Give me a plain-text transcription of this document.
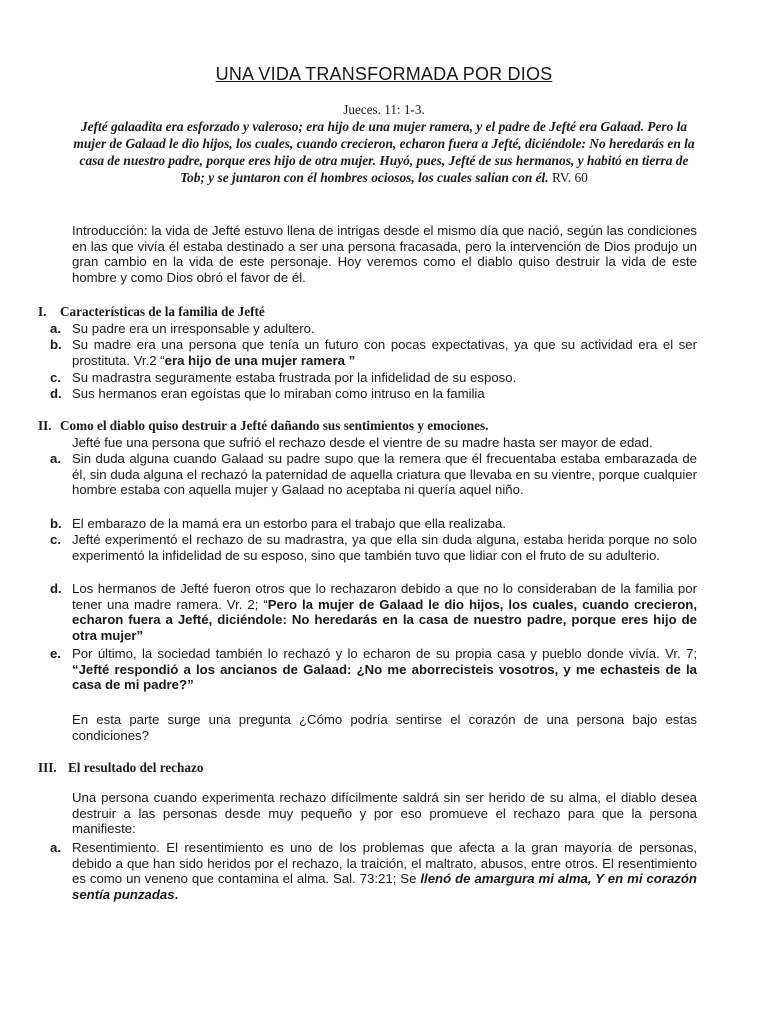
UNA VIDA TRANSFORMADA POR DIOS
Jueces. 11: 1-3.
Jefté galaadita era esforzado y valeroso; era hijo de una mujer ramera, y el padre de Jefté era Galaad. Pero la mujer de Galaad le dio hijos, los cuales, cuando crecieron, echaron fuera a Jefté, diciéndole: No heredarás en la casa de nuestro padre, porque eres hijo de otra mujer. Huyó, pues, Jefté de sus hermanos, y habitó en tierra de Tob; y se juntaron con él hombres ociosos, los cuales salían con él. RV. 60
Introducción: la vida de Jefté estuvo llena de intrigas desde el mismo día que nació, según las condiciones en las que vivía él estaba destinado a ser una persona fracasada, pero la intervención de Dios produjo un gran cambio en la vida de este personaje. Hoy veremos como el diablo quiso destruir la vida de este hombre y como Dios obró el favor de él.
I. Características de la familia de Jefté
a. Su padre era un irresponsable y adultero.
b. Su madre era una persona que tenía un futuro con pocas expectativas, ya que su actividad era el ser prostituta. Vr.2 “era hijo de una mujer ramera ”
c. Su madrastra seguramente estaba frustrada por la infidelidad de su esposo.
d. Sus hermanos eran egoístas que lo miraban como intruso en la familia
II. Como el diablo quiso destruir a Jefté dañando sus sentimientos y emociones.
Jefté fue una persona que sufrió el rechazo desde el vientre de su madre hasta ser mayor de edad.
a. Sin duda alguna cuando Galaad su padre supo que la remera que él frecuentaba estaba embarazada de él, sin duda alguna el rechazó la paternidad de aquella criatura que llevaba en su vientre, porque cualquier hombre estaba con aquella mujer y Galaad no aceptaba ni quería aquel niño.
b. El embarazo de la mamá era un estorbo para el trabajo que ella realizaba.
c. Jefté experimentó el rechazo de su madrastra, ya que ella sin duda alguna, estaba herida porque no solo experimentó la infidelidad de su esposo, sino que también tuvo que lidiar con el fruto de su adulterio.
d. Los hermanos de Jefté fueron otros que lo rechazaron debido a que no lo consideraban de la familia por tener una madre ramera. Vr. 2; “Pero la mujer de Galaad le dio hijos, los cuales, cuando crecieron, echaron fuera a Jefté, diciéndole: No heredarás en la casa de nuestro padre, porque eres hijo de otra mujer”
e. Por último, la sociedad también lo rechazó y lo echaron de su propia casa y pueblo donde vivía. Vr. 7; “Jefté respondió a los ancianos de Galaad: ¿No me aborrecisteis vosotros, y me echasteis de la casa de mi padre?”
En esta parte surge una pregunta ¿Cómo podría sentirse el corazón de una persona bajo estas condiciones?
III. El resultado del rechazo
Una persona cuando experimenta rechazo difícilmente saldrá sin ser herido de su alma, el diablo desea destruir a las personas desde muy pequeño y por eso promueve el rechazo para que la persona manifieste:
a. Resentimiento. El resentimiento es uno de los problemas que afecta a la gran mayoría de personas, debido a que han sido heridos por el rechazo, la traición, el maltrato, abusos, entre otros. El resentimiento es como un veneno que contamina el alma. Sal. 73:21; Se llenó de amargura mi alma, Y en mi corazón sentía punzadas.
